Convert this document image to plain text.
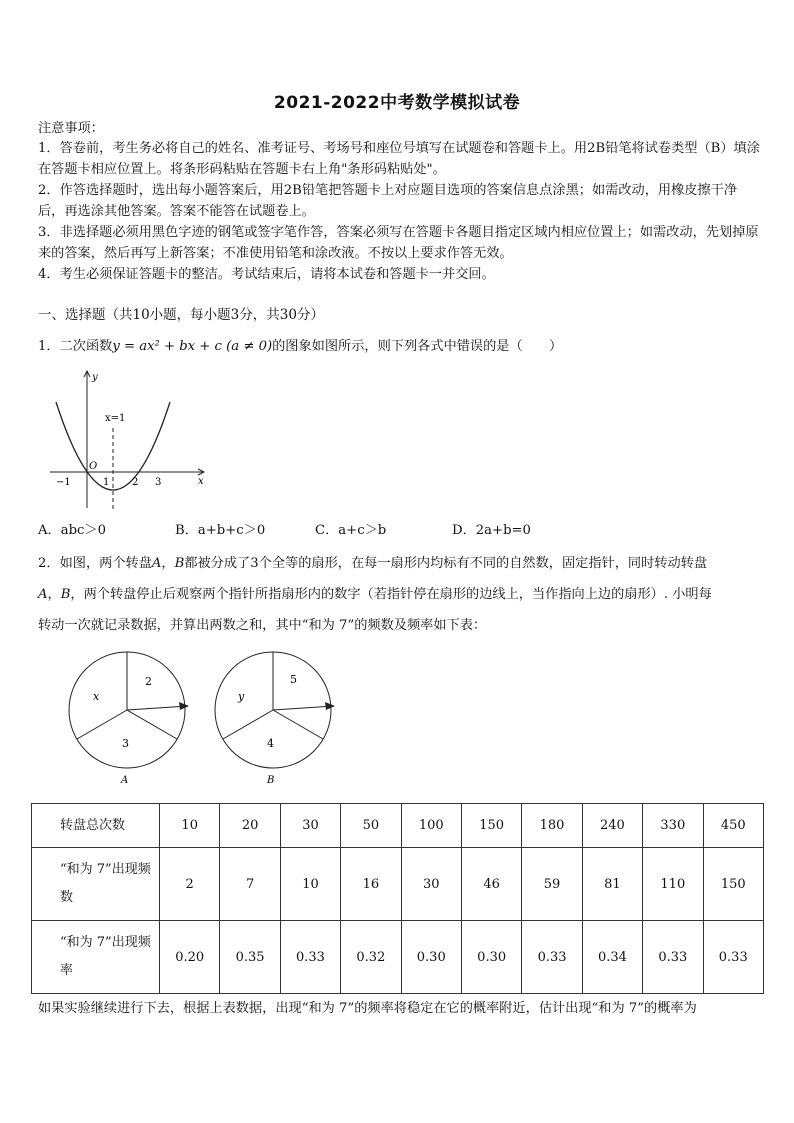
2021-2022中考数学模拟试卷
注意事项：

1．答卷前，考生务必将自己的姓名、准考证号、考场号和座位号填写在试题卷和答题卡上。用2B铅笔将试卷类型（B）填涂在答题卡相应位置上。将条形码粘贴在答题卡右上角"条形码粘贴处"。

2．作答选择题时，选出每小题答案后，用2B铅笔把答题卡上对应题目选项的答案信息点涂黑；如需改动，用橡皮擦干净后，再选涂其他答案。答案不能答在试题卷上。

3．非选择题必须用黑色字迹的钢笔或签字笔作答，答案必须写在答题卡各题目指定区域内相应位置上；如需改动，先划掉原来的答案，然后再写上新答案；不准使用铅笔和涂改液。不按以上要求作答无效。

4．考生必须保证答题卡的整洁。考试结束后，请将本试卷和答题卡一并交回。

一、选择题（共10小题，每小题3分，共30分）
1．二次函数y = ax² + bx + c (a ≠ 0)的图象如图所示，则下列各式中错误的是（　　）
y
x
x=1
O
−1	1 2 3
A．abc＞0	B．a+b+c＞0	C．a+c＞b	D．2a+b=0
2．如图，两个转盘A，B都被分成了3个全等的扇形，在每一扇形内均标有不同的自然数，固定指针，同时转动转盘
A，B，两个转盘停止后观察两个指针所指扇形内的数字（若指针停在扇形的边线上，当作指向上边的扇形）. 小明每
转动一次就记录数据，并算出两数之和，其中“和为 7”的频数及频率如下表：
2
x
3
A
5
y
4
B
转盘总次数	10	20	30	50	100	150	180	240	330	450
“和为 7”出现频数	2	7	10	16	30	46	59	81	110	150
“和为 7”出现频率	0.20	0.35	0.33	0.32	0.30	0.30	0.33	0.34	0.33	0.33
如果实验继续进行下去，根据上表数据，出现“和为 7”的频率将稳定在它的概率附近，估计出现“和为 7”的概率为
